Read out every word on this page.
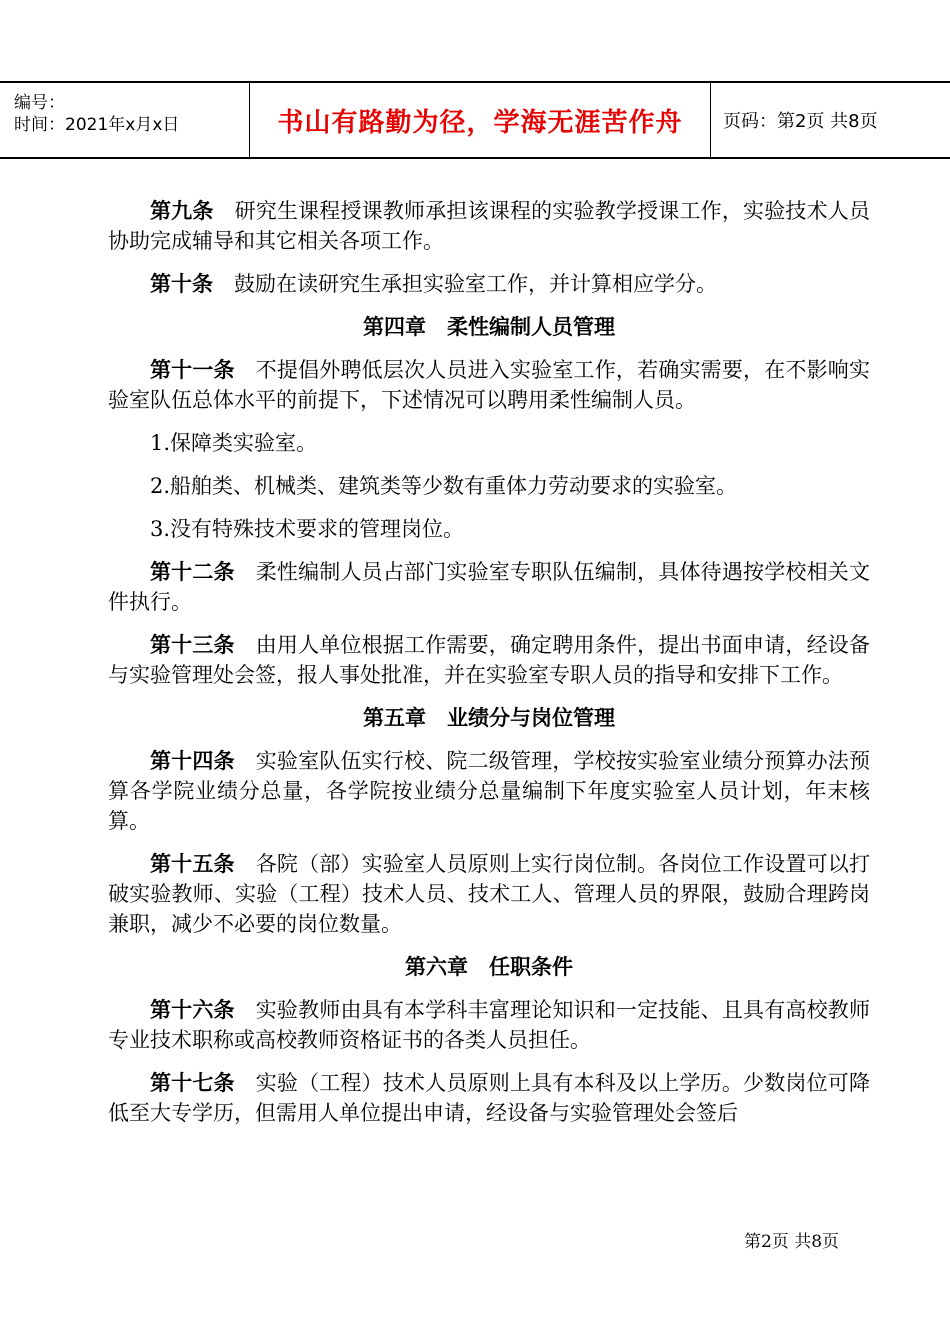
编号：
时间：2021年x月x日	书山有路勤为径，学海无涯苦作舟	页码：第2页 共8页

第九条 研究生课程授课教师承担该课程的实验教学授课工作，实验技术人员协助完成辅导和其它相关各项工作。

第十条 鼓励在读研究生承担实验室工作，并计算相应学分。

第四章　柔性编制人员管理

第十一条 不提倡外聘低层次人员进入实验室工作，若确实需要，在不影响实验室队伍总体水平的前提下，下述情况可以聘用柔性编制人员。

1.保障类实验室。

2.船舶类、机械类、建筑类等少数有重体力劳动要求的实验室。

3.没有特殊技术要求的管理岗位。

第十二条 柔性编制人员占部门实验室专职队伍编制，具体待遇按学校相关文件执行。

第十三条 由用人单位根据工作需要，确定聘用条件，提出书面申请，经设备与实验管理处会签，报人事处批准，并在实验室专职人员的指导和安排下工作。

第五章　业绩分与岗位管理

第十四条 实验室队伍实行校、院二级管理，学校按实验室业绩分预算办法预算各学院业绩分总量，各学院按业绩分总量编制下年度实验室人员计划，年末核算。

第十五条 各院（部）实验室人员原则上实行岗位制。各岗位工作设置可以打破实验教师、实验（工程）技术人员、技术工人、管理人员的界限，鼓励合理跨岗兼职，减少不必要的岗位数量。

第六章　任职条件

第十六条 实验教师由具有本学科丰富理论知识和一定技能、且具有高校教师专业技术职称或高校教师资格证书的各类人员担任。

第十七条 实验（工程）技术人员原则上具有本科及以上学历。少数岗位可降低至大专学历，但需用人单位提出申请，经设备与实验管理处会签后

第2页 共8页
